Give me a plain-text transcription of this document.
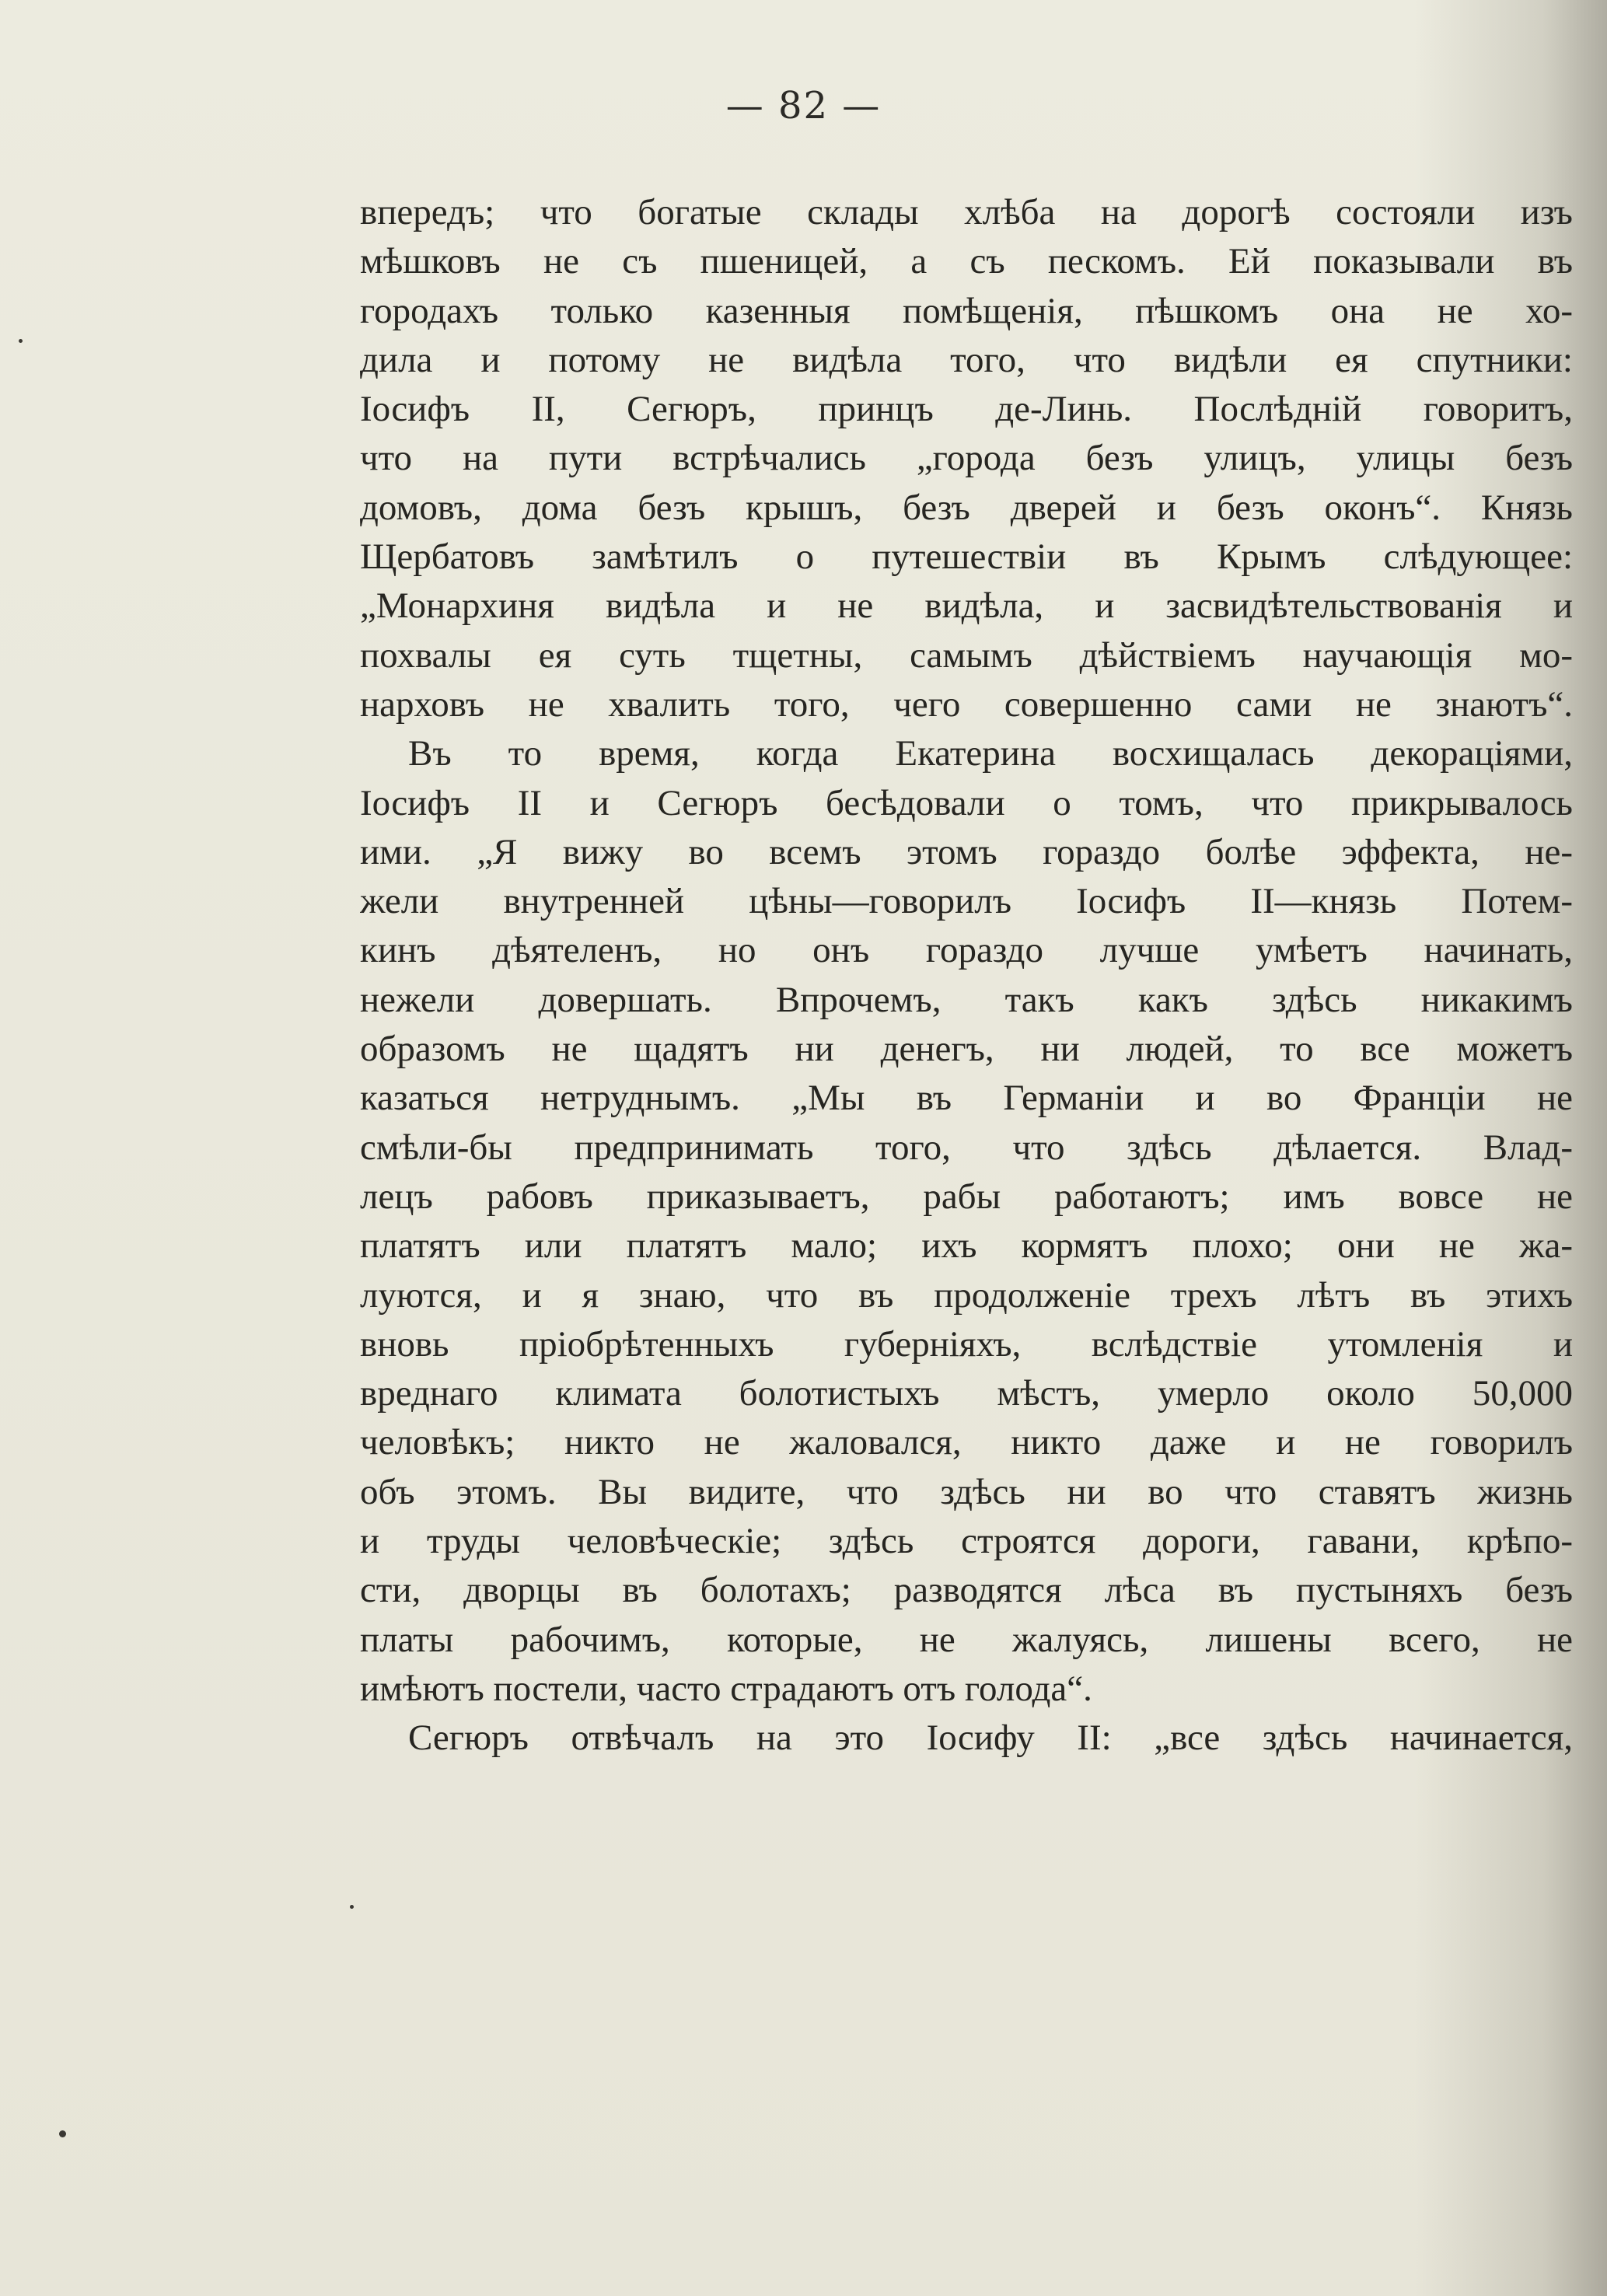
— 82 —
впередъ; что богатые склады хлѣба на дорогѣ состояли изъ
мѣшковъ не съ пшеницей, а съ пескомъ. Ей показывали въ
городахъ только казенныя помѣщенія, пѣшкомъ она не хо-
дила и потому не видѣла того, что видѣли ея спутники:
Іосифъ II, Сегюръ, принцъ де-Линь. Послѣдній говоритъ,
что на пути встрѣчались „города безъ улицъ, улицы безъ
домовъ, дома безъ крышъ, безъ дверей и безъ оконъ“. Князь
Щербатовъ замѣтилъ о путешествіи въ Крымъ слѣдующее:
„Монархиня видѣла и не видѣла, и засвидѣтельствованія и
похвалы ея суть тщетны, самымъ дѣйствіемъ научающія мо-
нарховъ не хвалить того, чего совершенно сами не знаютъ“.
Въ то время, когда Екатерина восхищалась декораціями,
Іосифъ II и Сегюръ бесѣдовали о томъ, что прикрывалось
ими. „Я вижу во всемъ этомъ гораздо болѣе эффекта, не-
жели внутренней цѣны—говорилъ Іосифъ II—князь Потем-
кинъ дѣятеленъ, но онъ гораздо лучше умѣетъ начинать,
нежели довершать. Впрочемъ, такъ какъ здѣсь никакимъ
образомъ не щадятъ ни денегъ, ни людей, то все можетъ
казаться нетруднымъ. „Мы въ Германіи и во Франціи не
смѣли-бы предпринимать того, что здѣсь дѣлается. Влад-
лецъ рабовъ приказываетъ, рабы работаютъ; имъ вовсе не
платятъ или платятъ мало; ихъ кормятъ плохо; они не жа-
луются, и я знаю, что въ продолженіе трехъ лѣтъ въ этихъ
вновь пріобрѣтенныхъ губерніяхъ, вслѣдствіе утомленія и
вреднаго климата болотистыхъ мѣстъ, умерло около 50,000
человѣкъ; никто не жаловался, никто даже и не говорилъ
объ этомъ. Вы видите, что здѣсь ни во что ставятъ жизнь
и труды человѣческіе; здѣсь строятся дороги, гавани, крѣпо-
сти, дворцы въ болотахъ; разводятся лѣса въ пустыняхъ безъ
платы рабочимъ, которые, не жалуясь, лишены всего, не
имѣютъ постели, часто страдаютъ отъ голода“.
Сегюръ отвѣчалъ на это Іосифу II: „все здѣсь начинается,
